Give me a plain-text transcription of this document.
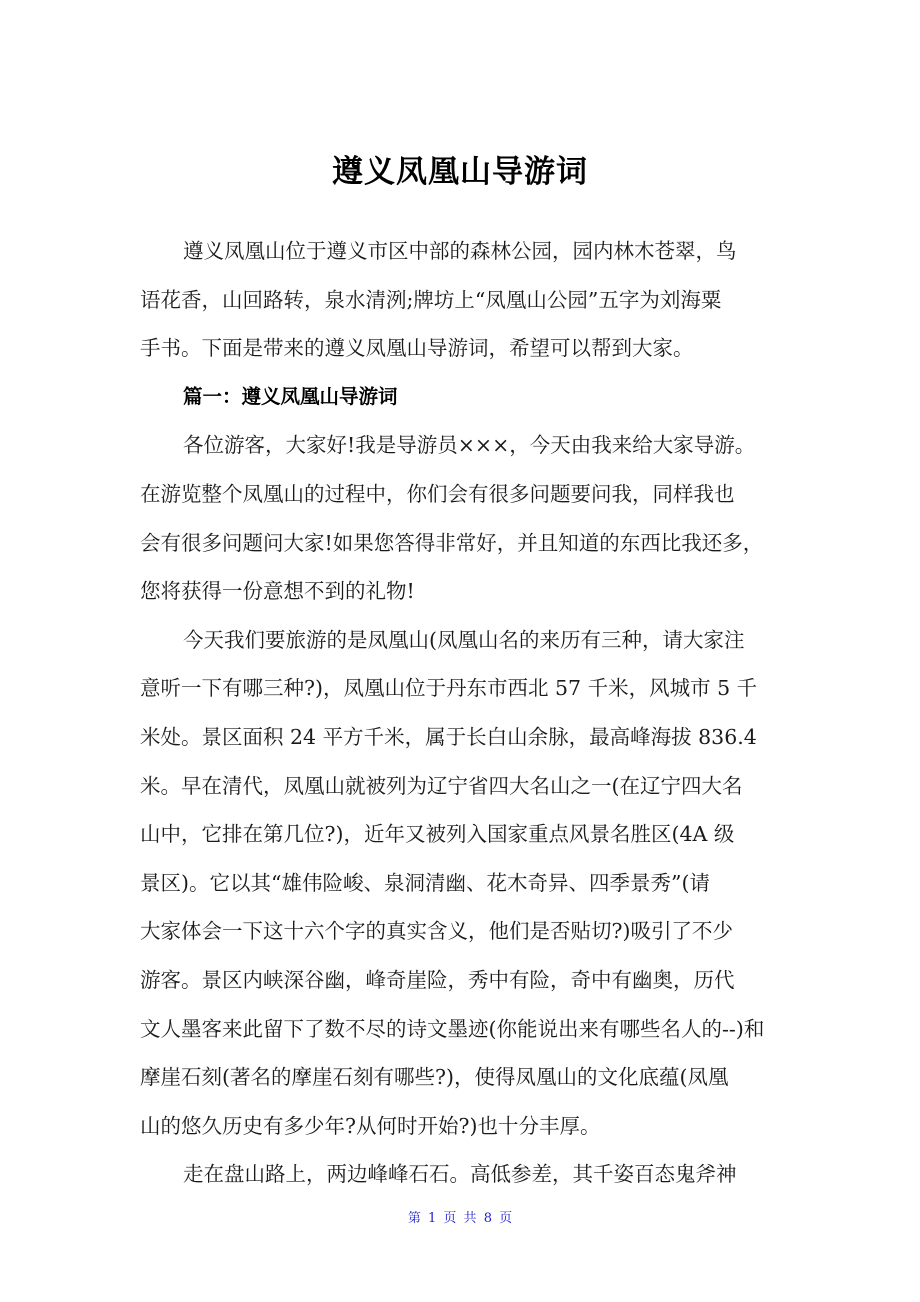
遵义凤凰山导游词
遵义凤凰山位于遵义市区中部的森林公园，园内林木苍翠，鸟
语花香，山回路转，泉水清洌;牌坊上“凤凰山公园”五字为刘海粟
手书。下面是带来的遵义凤凰山导游词，希望可以帮到大家。
篇一：遵义凤凰山导游词
各位游客，大家好!我是导游员×××，今天由我来给大家导游。
在游览整个凤凰山的过程中，你们会有很多问题要问我，同样我也
会有很多问题问大家!如果您答得非常好，并且知道的东西比我还多，
您将获得一份意想不到的礼物!
今天我们要旅游的是凤凰山(凤凰山名的来历有三种，请大家注
意听一下有哪三种?)，凤凰山位于丹东市西北 57 千米，风城市 5 千
米处。景区面积 24 平方千米，属于长白山余脉，最高峰海拔 836.4
米。早在清代，凤凰山就被列为辽宁省四大名山之一(在辽宁四大名
山中，它排在第几位?)，近年又被列入国家重点风景名胜区(4A 级
景区)。它以其“雄伟险峻、泉洞清幽、花木奇异、四季景秀”(请
大家体会一下这十六个字的真实含义，他们是否贴切?)吸引了不少
游客。景区内峡深谷幽，峰奇崖险，秀中有险，奇中有幽奥，历代
文人墨客来此留下了数不尽的诗文墨迹(你能说出来有哪些名人的--)和
摩崖石刻(著名的摩崖石刻有哪些?)，使得凤凰山的文化底蕴(凤凰
山的悠久历史有多少年?从何时开始?)也十分丰厚。
走在盘山路上，两边峰峰石石。高低参差，其千姿百态鬼斧神
第 1 页 共 8 页
